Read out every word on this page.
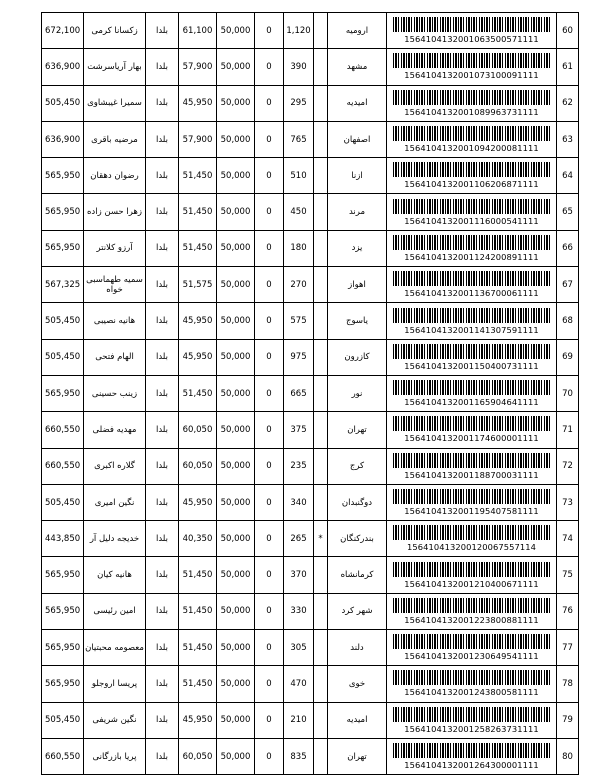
672,100	زکسانا کرمی	بلدا	61,100	50,000	0	1,120		ارومیه	1564104132001063500571111	60
636,900	بهار آریاسرشت	بلدا	57,900	50,000	0	390		مشهد	1564104132001073100091111	61
505,450	سمیرا غیبشاوی	بلدا	45,950	50,000	0	295		امیدیه	1564104132001089963731111	62
636,900	مرضیه باقری	بلدا	57,900	50,000	0	765		اصفهان	1564104132001094200081111	63
565,950	رضوان دهقان	بلدا	51,450	50,000	0	510		ازنا	1564104132001106206871111	64
565,950	زهرا حسن زاده	بلدا	51,450	50,000	0	450		مرند	1564104132001116000541111	65
565,950	آرزو کلانتر	بلدا	51,450	50,000	0	180		یزد	1564104132001124200891111	66
567,325	سمیه طهماسبی خواه	بلدا	51,575	50,000	0	270		اهواز	1564104132001136700061111	67
505,450	هانیه نصیبی	بلدا	45,950	50,000	0	575		یاسوج	1564104132001141307591111	68
505,450	الهام فتحی	بلدا	45,950	50,000	0	975		کازرون	1564104132001150400731111	69
565,950	زینب حسینی	بلدا	51,450	50,000	0	665		نور	1564104132001165904641111	70
660,550	مهدیه فضلی	بلدا	60,050	50,000	0	375		تهران	1564104132001174600001111	71
660,550	گلاره اکبری	بلدا	60,050	50,000	0	235		کرج	1564104132001188700031111	72
505,450	نگین امیری	بلدا	45,950	50,000	0	340		دوگنبدان	1564104132001195407581111	73
443,850	خدیجه دلیل آر	بلدا	40,350	50,000	0	265	*	بندرکنگان	156410413200120067557114	74
565,950	هانیه کیان	بلدا	51,450	50,000	0	370		کرمانشاه	1564104132001210400671111	75
565,950	امین رئیسی	بلدا	51,450	50,000	0	330		شهر کرد	1564104132001223800881111	76
565,950	معصومه محبتیان	بلدا	51,450	50,000	0	305		دلند	1564104132001230649541111	77
565,950	پریسا اروجلو	بلدا	51,450	50,000	0	470		خوی	1564104132001243800581111	78
505,450	نگین شریفی	بلدا	45,950	50,000	0	210		امیدیه	1564104132001258263731111	79
660,550	پریا بازرگانی	بلدا	60,050	50,000	0	835		تهران	1564104132001264300001111	80
